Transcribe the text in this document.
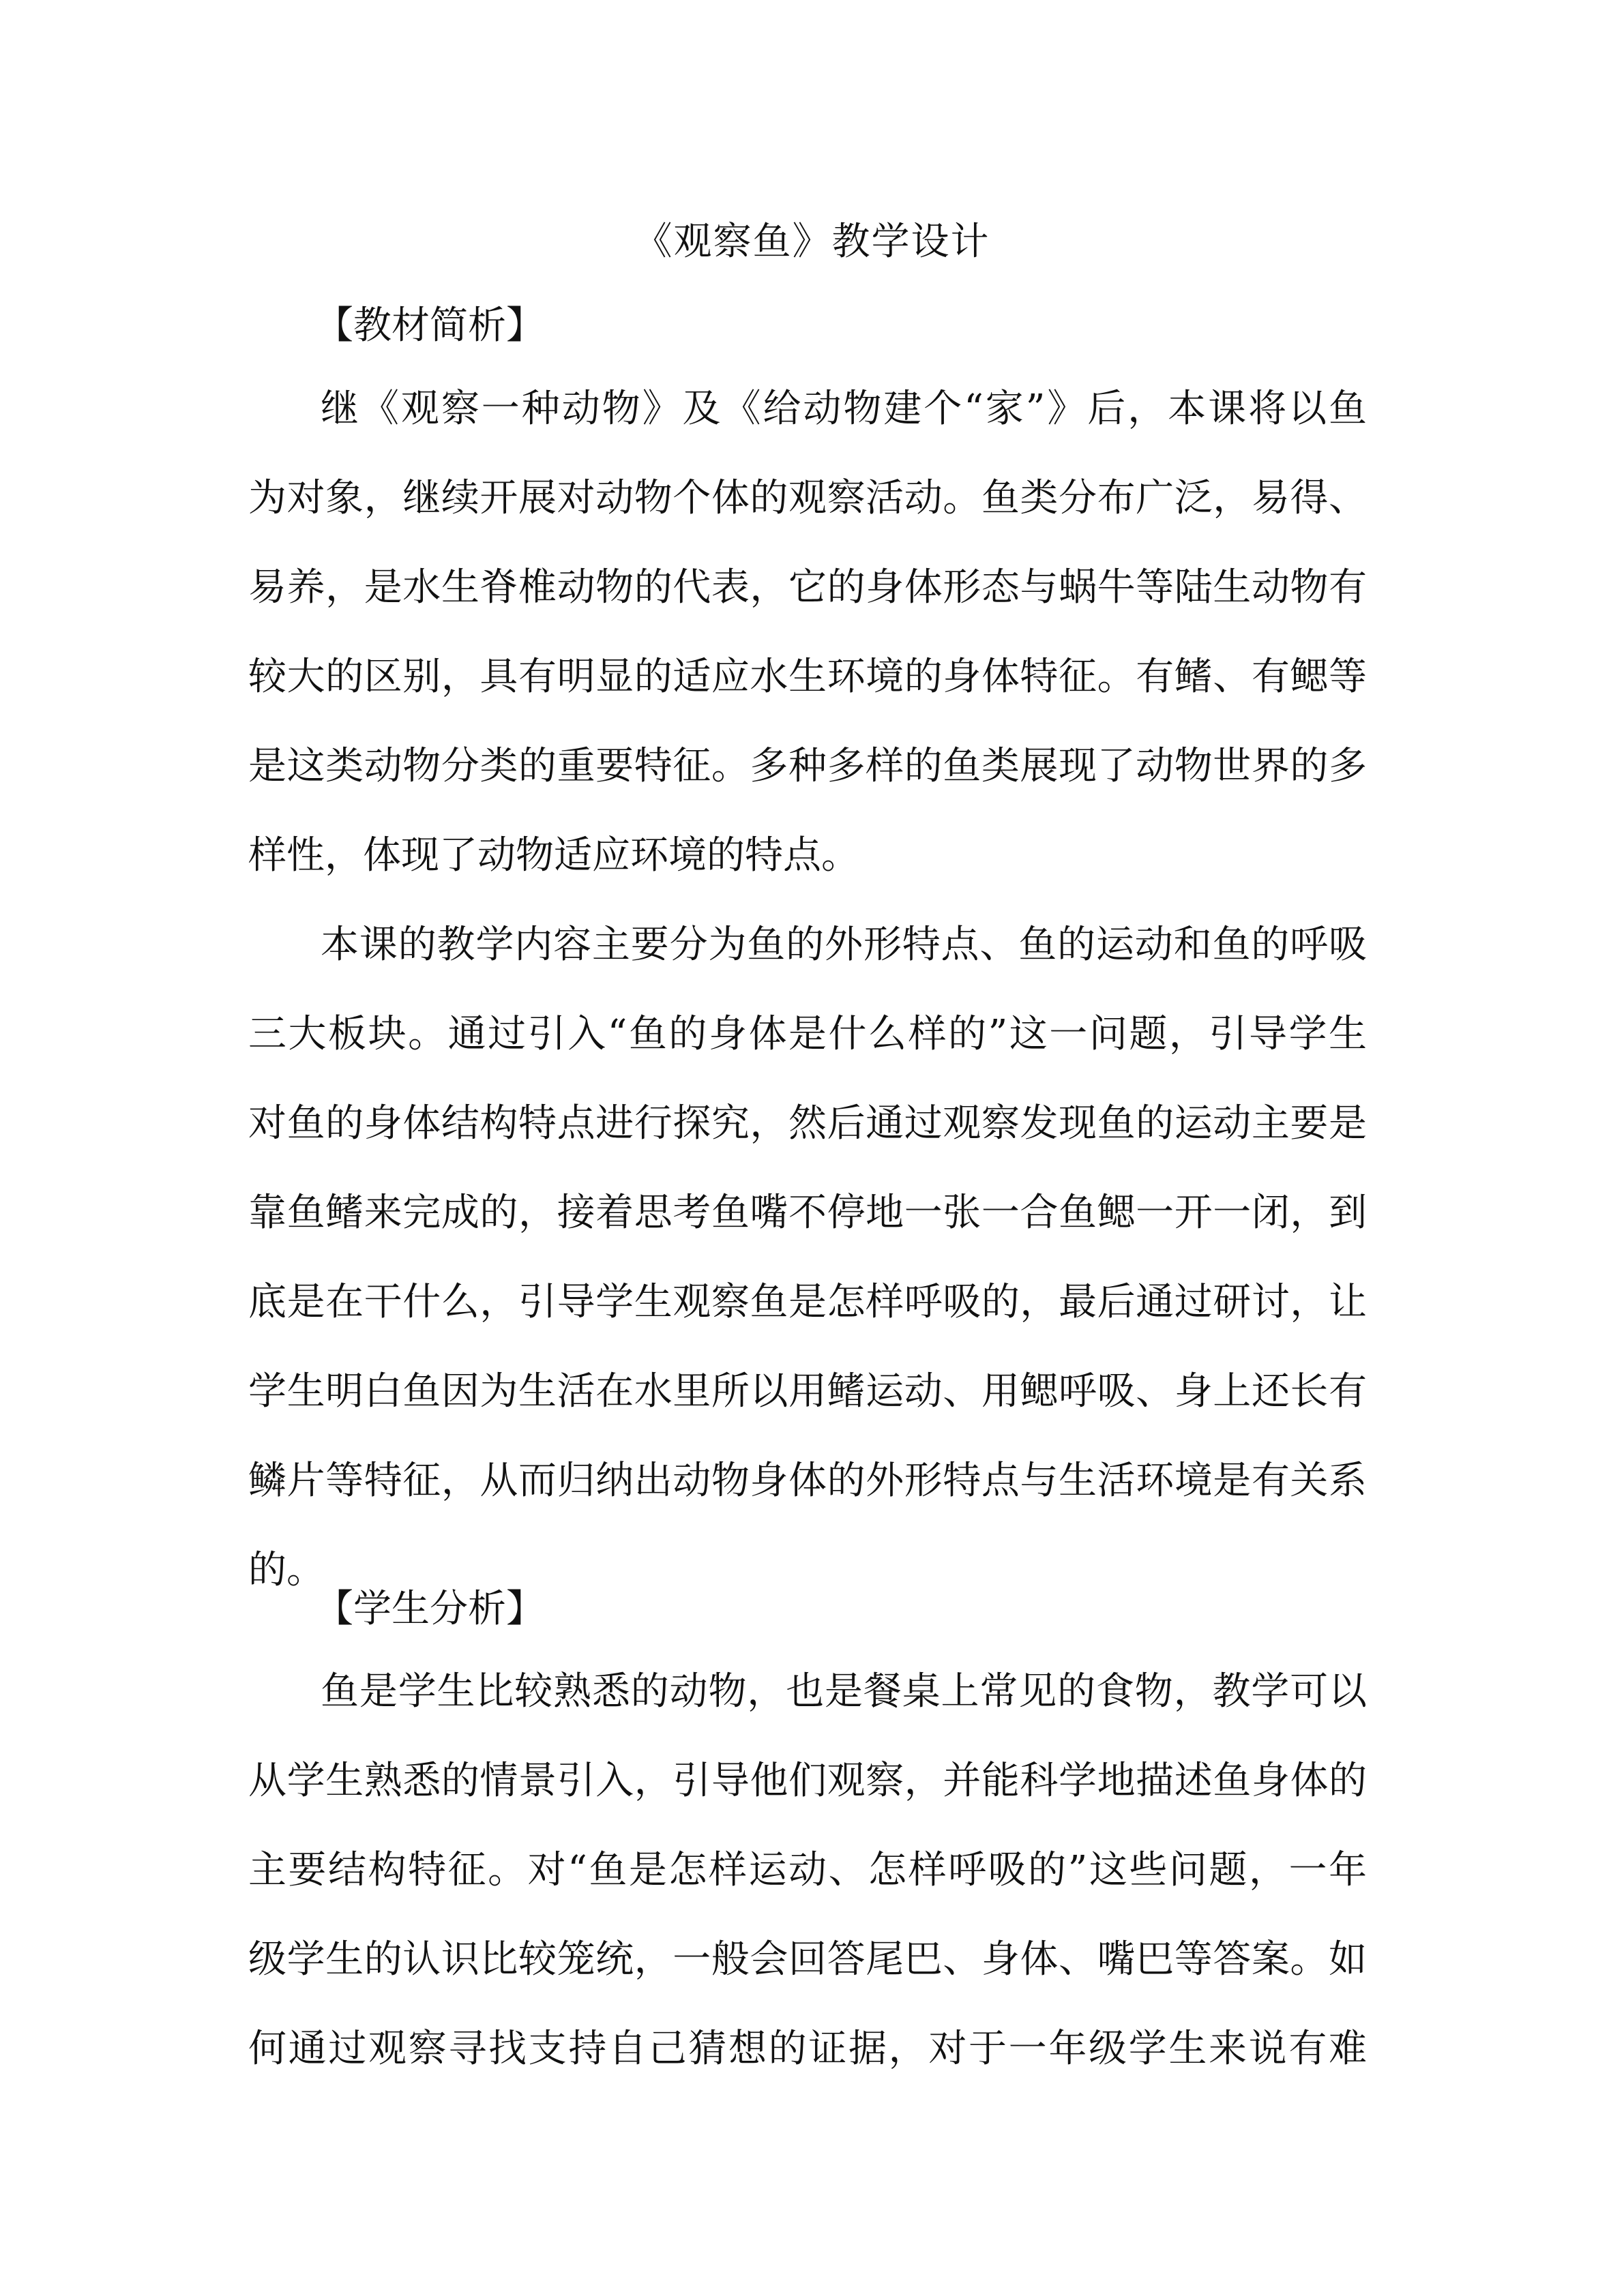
《观察鱼》教学设计
【教材简析】
继《观察一种动物》及《给动物建个“家”》后，本课将以鱼
为对象，继续开展对动物个体的观察活动。鱼类分布广泛，易得、
易养，是水生脊椎动物的代表，它的身体形态与蜗牛等陆生动物有
较大的区别，具有明显的适应水生环境的身体特征。有鳍、有鳃等
是这类动物分类的重要特征。多种多样的鱼类展现了动物世界的多
样性，体现了动物适应环境的特点。
本课的教学内容主要分为鱼的外形特点、鱼的运动和鱼的呼吸
三大板块。通过引入“鱼的身体是什么样的”这一问题，引导学生
对鱼的身体结构特点进行探究，然后通过观察发现鱼的运动主要是
靠鱼鳍来完成的，接着思考鱼嘴不停地一张一合鱼鳃一开一闭，到
底是在干什么，引导学生观察鱼是怎样呼吸的，最后通过研讨，让
学生明白鱼因为生活在水里所以用鳍运动、用鳃呼吸、身上还长有
鳞片等特征，从而归纳出动物身体的外形特点与生活环境是有关系
的。
【学生分析】
鱼是学生比较熟悉的动物，也是餐桌上常见的食物，教学可以
从学生熟悉的情景引入，引导他们观察，并能科学地描述鱼身体的
主要结构特征。对“鱼是怎样运动、怎样呼吸的”这些问题，一年
级学生的认识比较笼统，一般会回答尾巴、身体、嘴巴等答案。如
何通过观察寻找支持自己猜想的证据，对于一年级学生来说有难
